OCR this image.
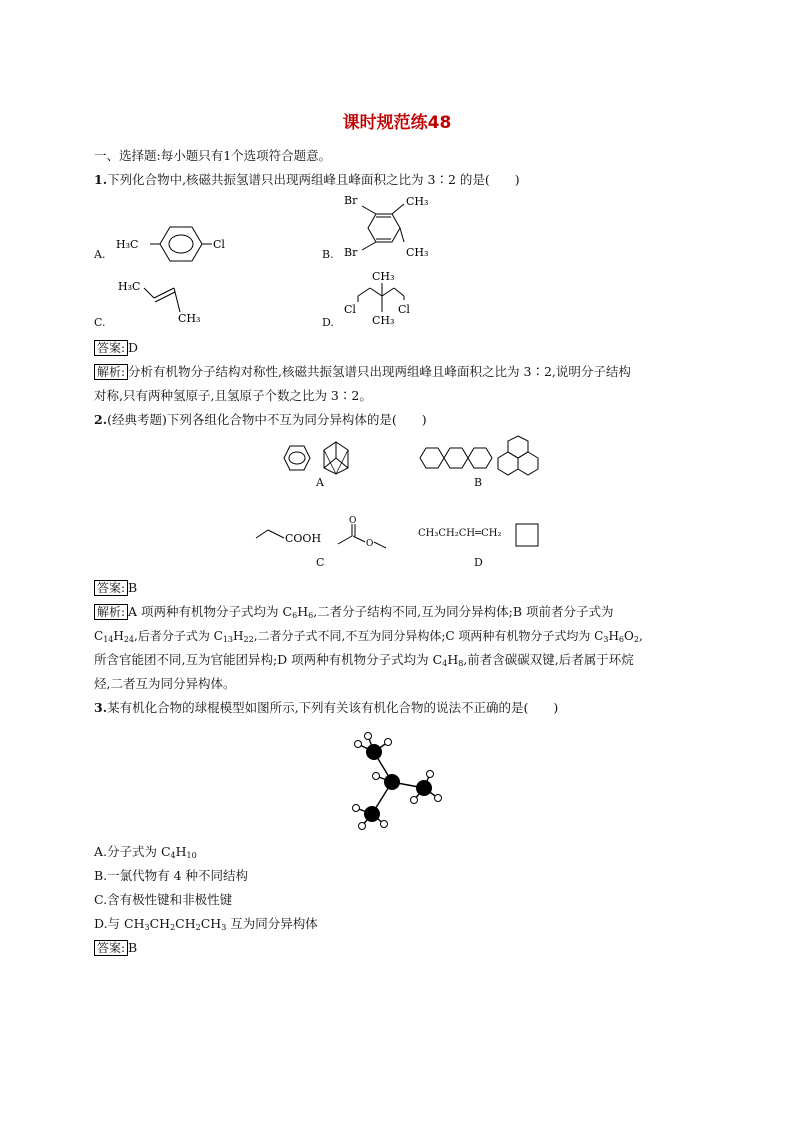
课时规范练48
一、选择题:每小题只有1个选项符合题意。
1.下列化合物中,核磁共振氢谱只出现两组峰且峰面积之比为 3∶2 的是(　　)
A.	B.
C.	D.
H₃C	Cl
Br
Br
CH₃
CH₃
H₃C
CH₃
CH₃
CH₃
Cl	Cl
答案: D
解析: 分析有机物分子结构对称性,核磁共振氢谱只出现两组峰且峰面积之比为 3∶2,说明分子结构
对称,只有两种氢原子,且氢原子个数之比为 3∶2。
2.(经典考题)下列各组化合物中不互为同分异构体的是(　　)
A	B
COOH
O
O
C
CH₃CH₂CH═CH₂
D
答案: B
解析: A 项两种有机物分子式均为 $C_6H_6$,二者分子结构不同,互为同分异构体;B 项前者分子式为
$C_{14}H_{24}$,后者分子式为 $C_{13}H_{22}$,二者分子式不同,不互为同分异构体;C 项两种有机物分子式均为 $C_3H_6O_2$,
所含官能团不同,互为官能团异构;D 项两种有机物分子式均为 $C_4H_8$,前者含碳碳双键,后者属于环烷
烃,二者互为同分异构体。
3.某有机化合物的球棍模型如图所示,下列有关该有机化合物的说法不正确的是(　　)
A.分子式为 $C_4H_{10}$
B.一氯代物有 4 种不同结构
C.含有极性键和非极性键
D.与 $CH_3CH_2CH_2CH_3$ 互为同分异构体
答案: B
